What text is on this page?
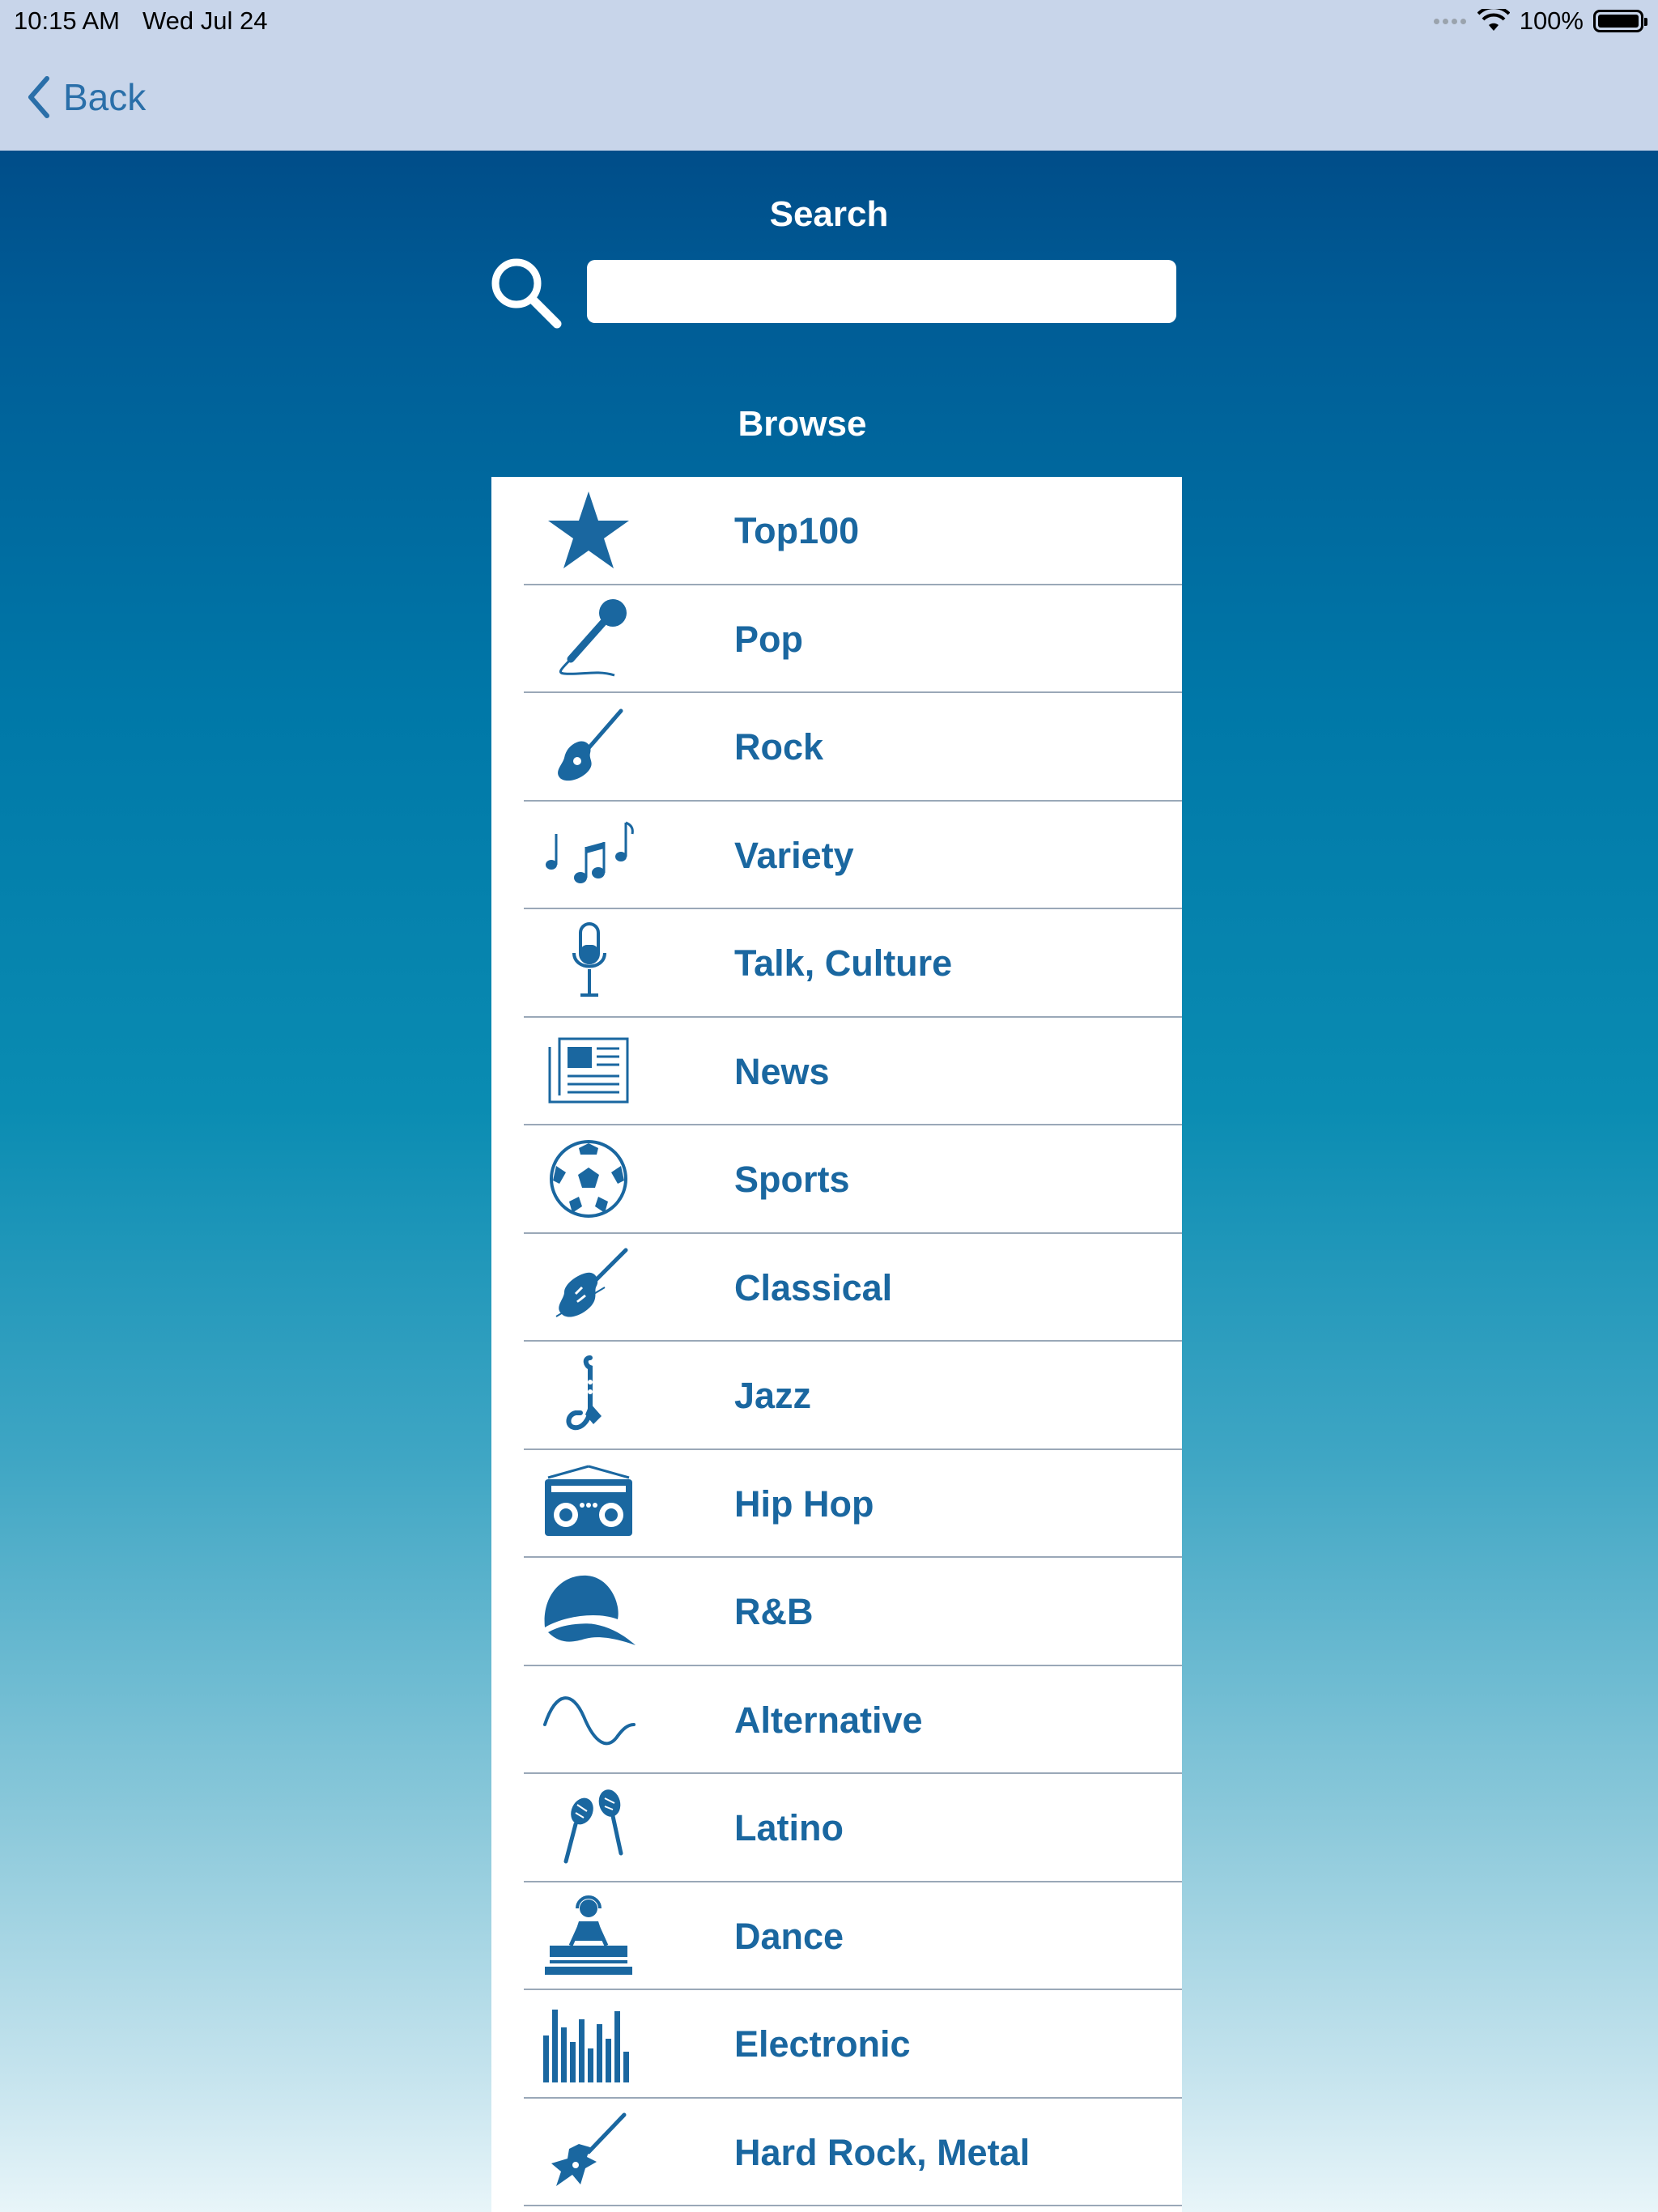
10:15 AM Wed Jul 24	100%
Back
Search
Browse
Top100
Pop
Rock
Variety
Talk, Culture
News
Sports
Classical
Jazz
Hip Hop
R&B
Alternative
Latino
Dance
Electronic
Hard Rock, Metal
